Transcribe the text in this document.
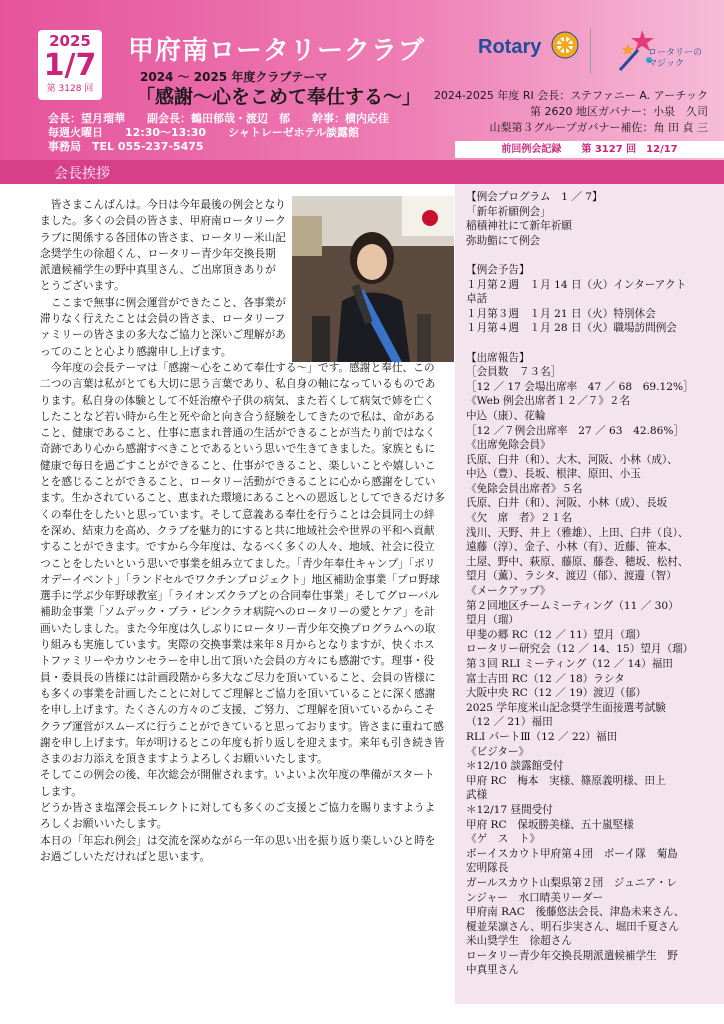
2025
1/7
第 3128 回
甲府南ロータリークラブ
2024 ～ 2025 年度クラブテーマ
「感謝～心をこめて奉仕する～」
会長：望月瑠華　　副会長：鶴田郁哉・渡辺　郁　　幹事：横内応佳
毎週火曜日　　12:30～13:30　　シャトレーゼホテル談露館
事務局　TEL 055-237-5475
Rotary	ロータリーの
マジック
2024-2025 年度 RI 会長：ステファニー A. アーチック
第 2620 地区ガバナー：小泉　久司
山梨第３グループガバナー補佐：角 田 貞 三
前回例会記録　　第 3127 回　12/17
会長挨拶
【例会プログラム　1 ／ 7】
「新年祈願例会」
稲積神社にて新年祈願
弥助鮨にて例会
【例会予告】
１月第２週　１月 14 日（火）インターアクト
卓話
１月第３週　１月 21 日（火）特別休会
１月第４週　１月 28 日（火）職場訪問例会
【出席報告】
［会員数　７３名］
［12 ／ 17 会場出席率　47 ／ 68　69.12%］
《Web 例会出席者１２／７》２名
中込（康）、花輪
［12 ／７例会出席率　27 ／ 63　42.86%］
《出席免除会員》
氏原、臼井（和）、大木、河阪、小林（成）、
中込（豊）、長坂、根津、原田、小玉
《免除会員出席者》５名
氏原、臼井（和）、河阪、小林（成）、長坂
《欠　席　者》２１名
浅川、天野、井上（雅雄）、上田、臼井（良）、
遠藤（淳）、金子、小林（有）、近藤、笹本、
土屋、野中、萩原、藤原、藤巻、穂坂、松村、
望月（薫）、ラシタ、渡辺（郁）、渡邊（智）
《メークアップ》
第２回地区チームミーティング（11 ／ 30）
望月（瑠）
甲斐の郷 RC（12 ／ 11）望月（瑠）
ロータリー研究会（12 ／ 14、15）望月（瑠）
第３回 RLI ミーティング（12 ／ 14）福田
富士吉田 RC（12 ／ 18）ラシタ
大阪中央 RC（12 ／ 19）渡辺（郁）
2025 学年度米山記念奨学生面接選考試験
（12 ／ 21）福田
RLI パートⅢ（12 ／ 22）福田
《ビジター》
＊12/10 談露館受付
甲府 RC　梅本　実様、篠原義明様、田上
武様
＊12/17 昼間受付
甲府 RC　保坂勝美様、五十嵐堅様
《ゲ　ス　ト》
ボーイスカウト甲府第４団　ボーイ隊　菊島
宏明隊長
ガールスカウト山梨県第２団　ジュニア・レ
ンジャー　水口晴美リーダー
甲府南 RAC　後藤悠法会長、津島未来さん、
榎並栞凛さん、明石歩実さん、堀田千夏さん
米山奨学生　徐超さん
ロータリー青少年交換長期派遣候補学生　野
中真里さん

皆さまこんばんは。今日は今年最後の例会となりました。多くの会員の皆さま、甲府南ロータリークラブに関係する各団体の皆さま、ロータリー米山記念奨学生の徐超くん、ロータリー青少年交換長期派遣候補学生の野中真里さん、ご出席頂きありがとうございます。

ここまで無事に例会運営ができたこと、各事業が滞りなく行えたことは会員の皆さま、ロータリーファミリーの皆さまの多大なご協力と深いご理解があってのことと心より感謝申し上げます。

今年度の会長テーマは「感謝～心をこめて奉仕する～」です。感謝と奉仕、この二つの言葉は私がとても大切に思う言葉であり、私自身の軸になっているものであります。私自身の体験として不妊治療や子供の病気、また若くして病気で姉を亡くしたことなど若い時から生と死や命と向き合う経験をしてきたので私は、命があること、健康であること、仕事に恵まれ普通の生活ができることが当たり前ではなく奇跡であり心から感謝すべきことであるという思いで生きてきました。家族ともに健康で毎日を過ごすことができること、仕事ができること、楽しいことや嬉しいことを感じることができること、ロータリー活動ができることに心から感謝をしています。生かされていること、恵まれた環境にあることへの恩返しとしてできるだけ多くの奉仕をしたいと思っています。そして意義ある奉仕を行うことは会員同士の絆を深め、結束力を高め、クラブを魅力的にすると共に地域社会や世界の平和へ貢献することができます。ですから今年度は、なるべく多くの人々、地域、社会に役立つことをしたいという思いで事業を組み立てました。「青少年奉仕キャンプ」「ポリオデーイベント」「ランドセルでワクチンプロジェクト」地区補助金事業「プロ野球選手に学ぶ少年野球教室」「ライオンズクラブとの合同奉仕事業」そしてグローバル補助金事業「ソムデック・プラ・ピンクラオ病院へのロータリーの愛とケア」を計画いたしました。また今年度は久しぶりにロータリー青少年交換プログラムへの取り組みも実施しています。実際の交換事業は来年８月からとなりますが、快くホストファミリーやカウンセラーを申し出て頂いた会員の方々にも感謝です。理事・役員・委員長の皆様には計画段階から多大なご尽力を頂いていること、会員の皆様にも多くの事業を計画したことに対してご理解とご協力を頂いていることに深く感謝を申し上げます。たくさんの方々のご支援、ご努力、ご理解を頂いているからこそクラブ運営がスムーズに行うことができていると思っております。皆さまに重ねて感謝を申し上げます。年が明けるとこの年度も折り返しを迎えます。来年も引き続き皆さまのお力添えを頂きますようよろしくお願いいたします。

そしてこの例会の後、年次総会が開催されます。いよいよ次年度の準備がスタートします。

どうか皆さま塩澤会長エレクトに対しても多くのご支援とご協力を賜りますようよろしくお願いいたします。

本日の「年忘れ例会」は交流を深めながら一年の思い出を振り返り楽しいひと時をお過ごしいただければと思います。
